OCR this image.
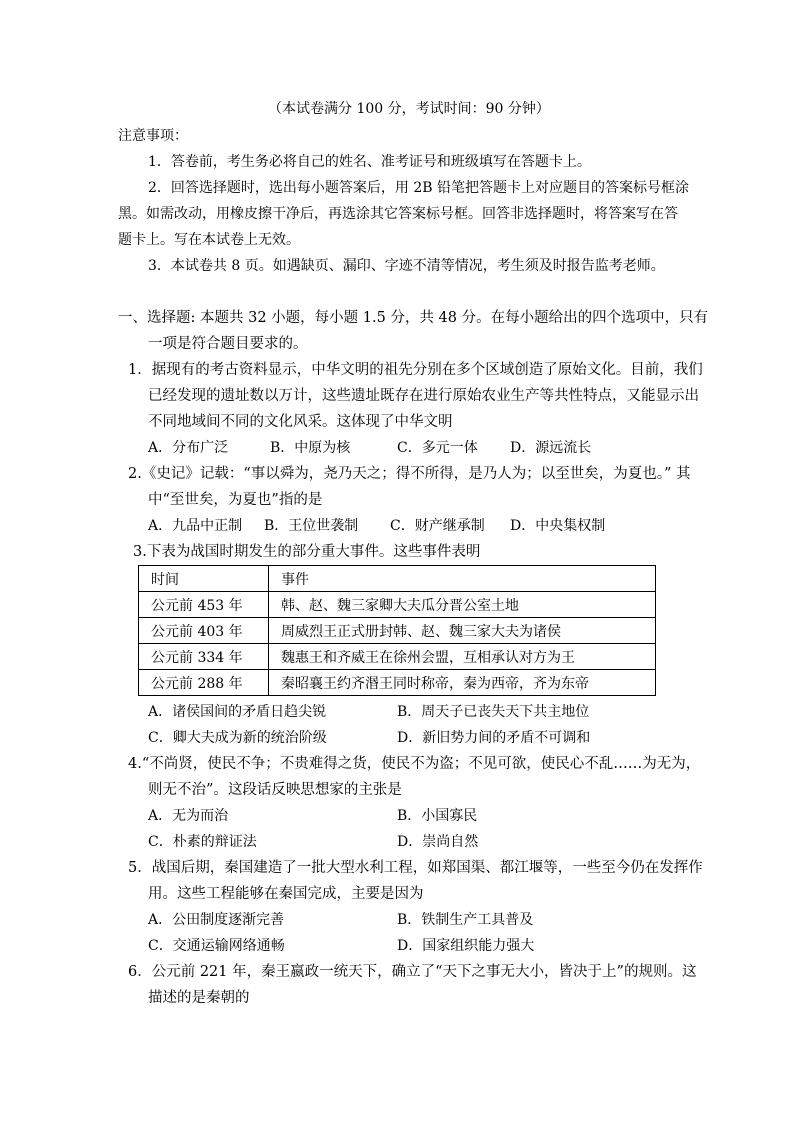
（本试卷满分 100 分，考试时间：90 分钟）
注意事项：
1．答卷前，考生务必将自己的姓名、准考证号和班级填写在答题卡上。
2．回答选择题时，选出每小题答案后，用 2B 铅笔把答题卡上对应题目的答案标号框涂
黑。如需改动，用橡皮擦干净后，再选涂其它答案标号框。回答非选择题时，将答案写在答
题卡上。写在本试卷上无效。
3．本试卷共 8 页。如遇缺页、漏印、字迹不清等情况，考生须及时报告监考老师。
一、选择题: 本题共 32 小题，每小题 1.5 分，共 48 分。在每小题给出的四个选项中，只有
一项是符合题目要求的。
1．据现有的考古资料显示，中华文明的祖先分别在多个区域创造了原始文化。目前，我们
已经发现的遗址数以万计，这些遗址既存在进行原始农业生产等共性特点，又能显示出
不同地域间不同的文化风采。这体现了中华文明
A．分布广泛	B．中原为核	C．多元一体 D．源远流长
2.《史记》记载：“事以舜为，尧乃天之；得不所得，是乃人为；以至世矣，为夏也。” 其
中“至世矣，为夏也”指的是
A．九品中正制 B．王位世袭制 C．财产继承制 D．中央集权制
3.下表为战国时期发生的部分重大事件。这些事件表明
时间	事件
公元前 453 年	韩、赵、魏三家卿大夫瓜分晋公室土地
公元前 403 年	周威烈王正式册封韩、赵、魏三家大夫为诸侯
公元前 334 年	魏惠王和齐威王在徐州会盟，互相承认对方为王
公元前 288 年	秦昭襄王约齐湣王同时称帝，秦为西帝，齐为东帝
A．诸侯国间的矛盾日趋尖锐	B．周天子已丧失天下共主地位
C．卿大夫成为新的统治阶级	D．新旧势力间的矛盾不可调和
4.“不尚贤，使民不争；不贵难得之货，使民不为盗；不见可欲，使民心不乱……为无为，
则无不治”。这段话反映思想家的主张是
A．无为而治	B．小国寡民
C．朴素的辩证法	D．崇尚自然
5．战国后期，秦国建造了一批大型水利工程，如郑国渠、都江堰等，一些至今仍在发挥作
用。这些工程能够在秦国完成，主要是因为
A．公田制度逐渐完善	B．铁制生产工具普及
C．交通运输网络通畅	D．国家组织能力强大
6．公元前 221 年，秦王嬴政一统天下，确立了“天下之事无大小，皆决于上”的规则。这
描述的是秦朝的
